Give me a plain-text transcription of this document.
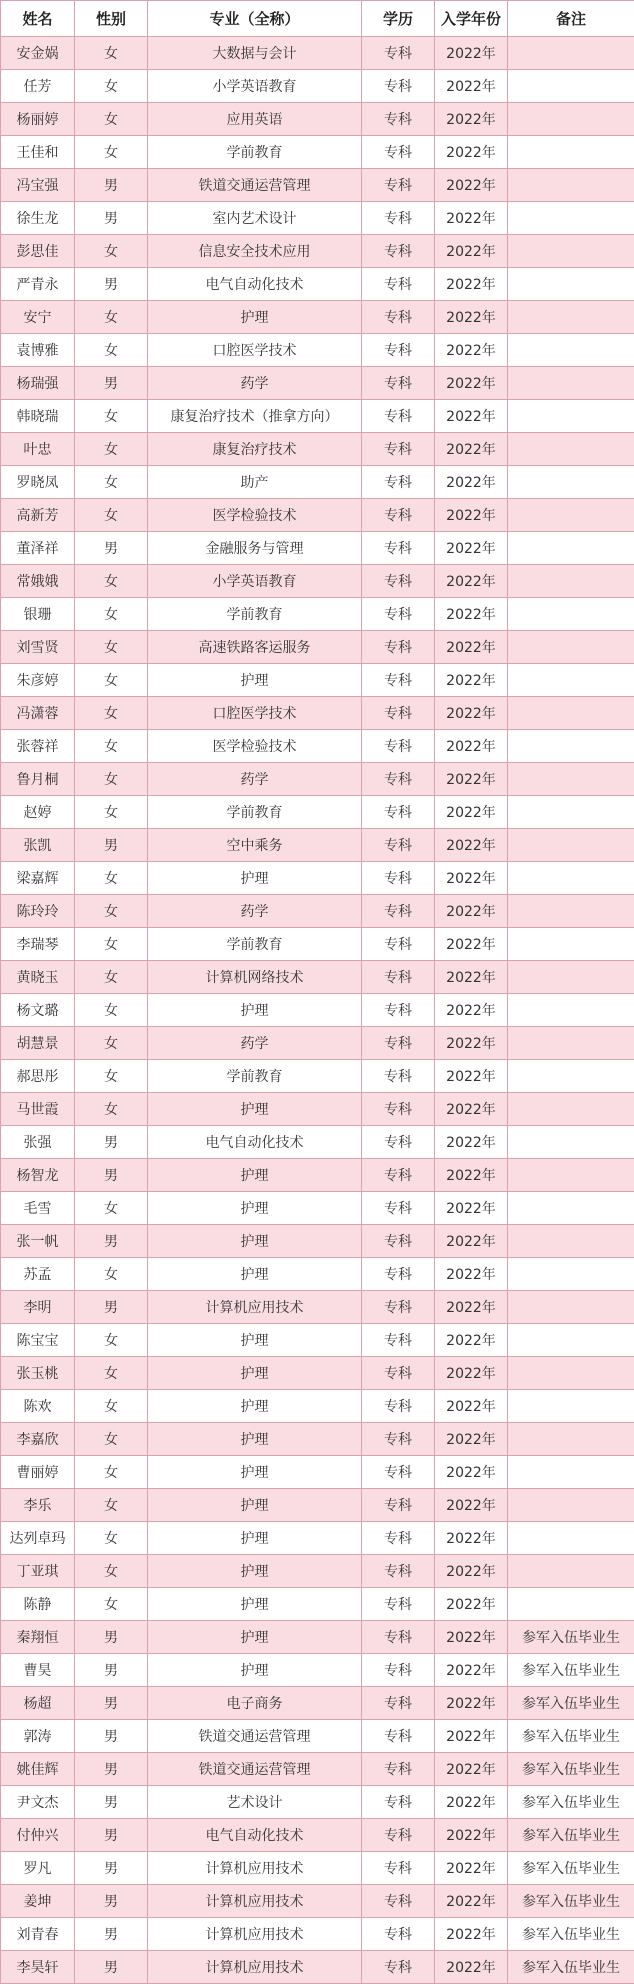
姓名	性别	专业（全称）	学历	入学年份	备注
安金娲	女	大数据与会计	专科	2022年	
任芳	女	小学英语教育	专科	2022年	
杨丽婷	女	应用英语	专科	2022年	
王佳和	女	学前教育	专科	2022年	
冯宝强	男	铁道交通运营管理	专科	2022年	
徐生龙	男	室内艺术设计	专科	2022年	
彭思佳	女	信息安全技术应用	专科	2022年	
严青永	男	电气自动化技术	专科	2022年	
安宁	女	护理	专科	2022年	
袁博雅	女	口腔医学技术	专科	2022年	
杨瑞强	男	药学	专科	2022年	
韩晓瑞	女	康复治疗技术（推拿方向）	专科	2022年	
叶忠	女	康复治疗技术	专科	2022年	
罗晓凤	女	助产	专科	2022年	
高新芳	女	医学检验技术	专科	2022年	
董泽祥	男	金融服务与管理	专科	2022年	
常娥娥	女	小学英语教育	专科	2022年	
银珊	女	学前教育	专科	2022年	
刘雪贤	女	高速铁路客运服务	专科	2022年	
朱彦婷	女	护理	专科	2022年	
冯潇蓉	女	口腔医学技术	专科	2022年	
张蓉祥	女	医学检验技术	专科	2022年	
鲁月桐	女	药学	专科	2022年	
赵婷	女	学前教育	专科	2022年	
张凯	男	空中乘务	专科	2022年	
梁嘉辉	女	护理	专科	2022年	
陈玲玲	女	药学	专科	2022年	
李瑞琴	女	学前教育	专科	2022年	
黄晓玉	女	计算机网络技术	专科	2022年	
杨文璐	女	护理	专科	2022年	
胡慧景	女	药学	专科	2022年	
郝思彤	女	学前教育	专科	2022年	
马世霞	女	护理	专科	2022年	
张强	男	电气自动化技术	专科	2022年	
杨智龙	男	护理	专科	2022年	
毛雪	女	护理	专科	2022年	
张一帆	男	护理	专科	2022年	
苏孟	女	护理	专科	2022年	
李明	男	计算机应用技术	专科	2022年	
陈宝宝	女	护理	专科	2022年	
张玉桃	女	护理	专科	2022年	
陈欢	女	护理	专科	2022年	
李嘉欣	女	护理	专科	2022年	
曹丽婷	女	护理	专科	2022年	
李乐	女	护理	专科	2022年	
达列卓玛	女	护理	专科	2022年	
丁亚琪	女	护理	专科	2022年	
陈静	女	护理	专科	2022年	
秦翔恒	男	护理	专科	2022年	参军入伍毕业生
曹昊	男	护理	专科	2022年	参军入伍毕业生
杨超	男	电子商务	专科	2022年	参军入伍毕业生
郭涛	男	铁道交通运营管理	专科	2022年	参军入伍毕业生
姚佳辉	男	铁道交通运营管理	专科	2022年	参军入伍毕业生
尹文杰	男	艺术设计	专科	2022年	参军入伍毕业生
付仲兴	男	电气自动化技术	专科	2022年	参军入伍毕业生
罗凡	男	计算机应用技术	专科	2022年	参军入伍毕业生
姜坤	男	计算机应用技术	专科	2022年	参军入伍毕业生
刘青春	男	计算机应用技术	专科	2022年	参军入伍毕业生
李昊轩	男	计算机应用技术	专科	2022年	参军入伍毕业生
